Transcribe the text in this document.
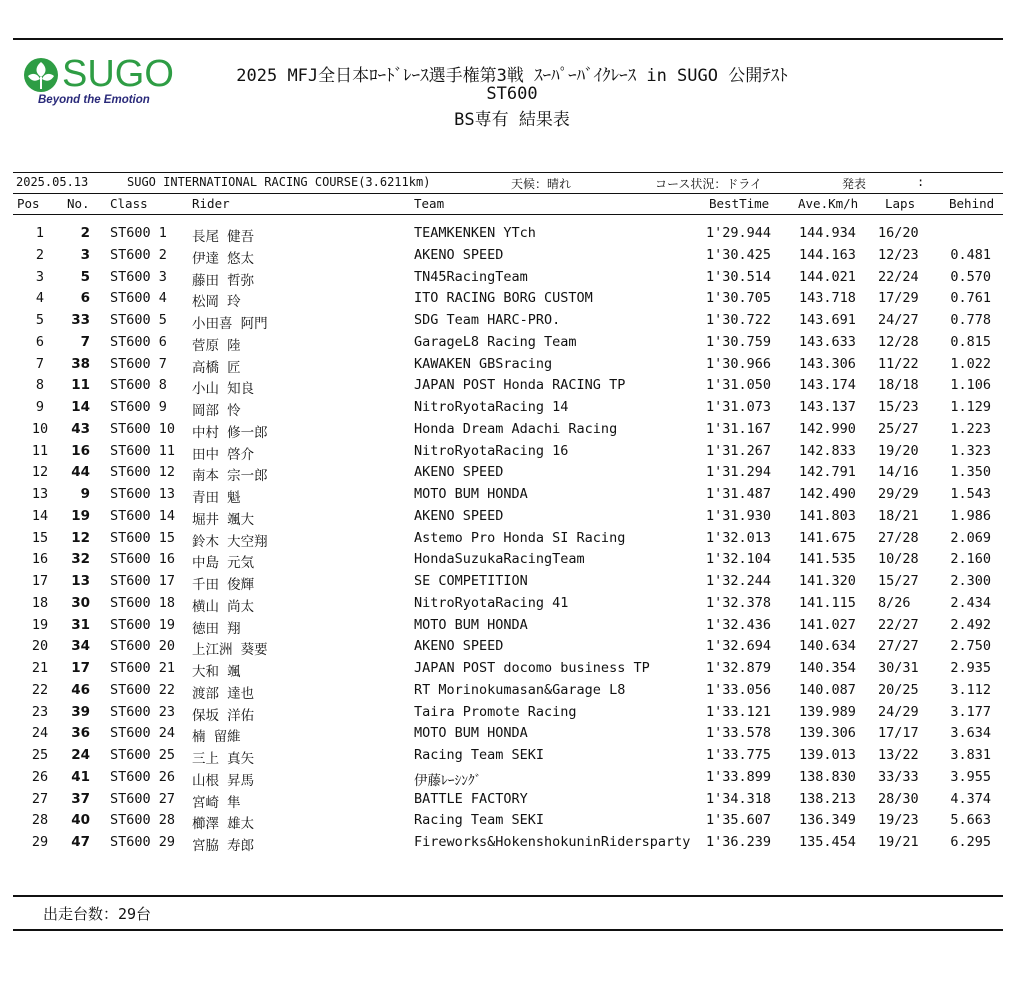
SUGO
Beyond the Emotion
2025 MFJ全日本ﾛｰﾄﾞﾚｰｽ選手権第3戦 ｽｰﾊﾟｰﾊﾞｲｸﾚｰｽ in SUGO 公開ﾃｽﾄ
ST600
BS専有 結果表
2025.05.13	SUGO INTERNATIONAL RACING COURSE(3.6211km)	天候：晴れ	コース状況：ドライ	発表	:
Pos No. Class	Rider	Team	BestTime Ave.Km/h Laps	Behind
1	2 ST600 1 長尾 健吾	TEAMKENKEN YTch	1'29.944 144.934 16/20
2	3 ST600 2 伊達 悠太	AKENO SPEED	1'30.425 144.163 12/23	0.481
3	5 ST600 3 藤田 哲弥	TN45RacingTeam	1'30.514 144.021 22/24	0.570
4	6 ST600 4 松岡 玲	ITO RACING BORG CUSTOM	1'30.705 143.718 17/29	0.761
5	33 ST600 5 小田喜 阿門	SDG Team HARC-PRO.	1'30.722 143.691 24/27	0.778
6	7 ST600 6 菅原 陸	GarageL8 Racing Team	1'30.759 143.633 12/28	0.815
7	38 ST600 7 高橋 匠	KAWAKEN GBSracing	1'30.966 143.306 11/22	1.022
8	11 ST600 8 小山 知良	JAPAN POST Honda RACING TP	1'31.050 143.174 18/18	1.106
9	14 ST600 9 岡部 怜	NitroRyotaRacing 14	1'31.073 143.137 15/23	1.129
10	43 ST600 10 中村 修一郎	Honda Dream Adachi Racing	1'31.167 142.990 25/27	1.223
11	16 ST600 11 田中 啓介	NitroRyotaRacing 16	1'31.267 142.833 19/20	1.323
12	44 ST600 12 南本 宗一郎	AKENO SPEED	1'31.294 142.791 14/16	1.350
13	9 ST600 13 青田 魁	MOTO BUM HONDA	1'31.487 142.490 29/29	1.543
14	19 ST600 14 堀井 颯大	AKENO SPEED	1'31.930 141.803 18/21	1.986
15	12 ST600 15 鈴木 大空翔	Astemo Pro Honda SI Racing	1'32.013 141.675 27/28	2.069
16	32 ST600 16 中島 元気	HondaSuzukaRacingTeam	1'32.104 141.535 10/28	2.160
17	13 ST600 17 千田 俊輝	SE COMPETITION	1'32.244 141.320 15/27	2.300
18	30 ST600 18 横山 尚太	NitroRyotaRacing 41	1'32.378 141.115 8/26	2.434
19	31 ST600 19 徳田 翔	MOTO BUM HONDA	1'32.436 141.027 22/27	2.492
20	34 ST600 20 上江洲 葵要	AKENO SPEED	1'32.694 140.634 27/27	2.750
21	17 ST600 21 大和 颯	JAPAN POST docomo business TP	1'32.879 140.354 30/31	2.935
22	46 ST600 22 渡部 達也	RT Morinokumasan&Garage L8	1'33.056 140.087 20/25	3.112
23	39 ST600 23 保坂 洋佑	Taira Promote Racing	1'33.121 139.989 24/29	3.177
24	36 ST600 24 楠 留維	MOTO BUM HONDA	1'33.578 139.306 17/17	3.634
25	24 ST600 25 三上 真矢	Racing Team SEKI	1'33.775 139.013 13/22	3.831
26	41 ST600 26 山根 昇馬	伊藤ﾚｰｼﾝｸﾞ	1'33.899 138.830 33/33	3.955
27	37 ST600 27 宮崎 隼	BATTLE FACTORY	1'34.318 138.213 28/30	4.374
28	40 ST600 28 櫛澤 雄太	Racing Team SEKI	1'35.607 136.349 19/23	5.663
29	47 ST600 29 宮脇 寿郎	Fireworks&HokenshokuninRidersparty 1'36.239 135.454 19/21	6.295
出走台数：29台
